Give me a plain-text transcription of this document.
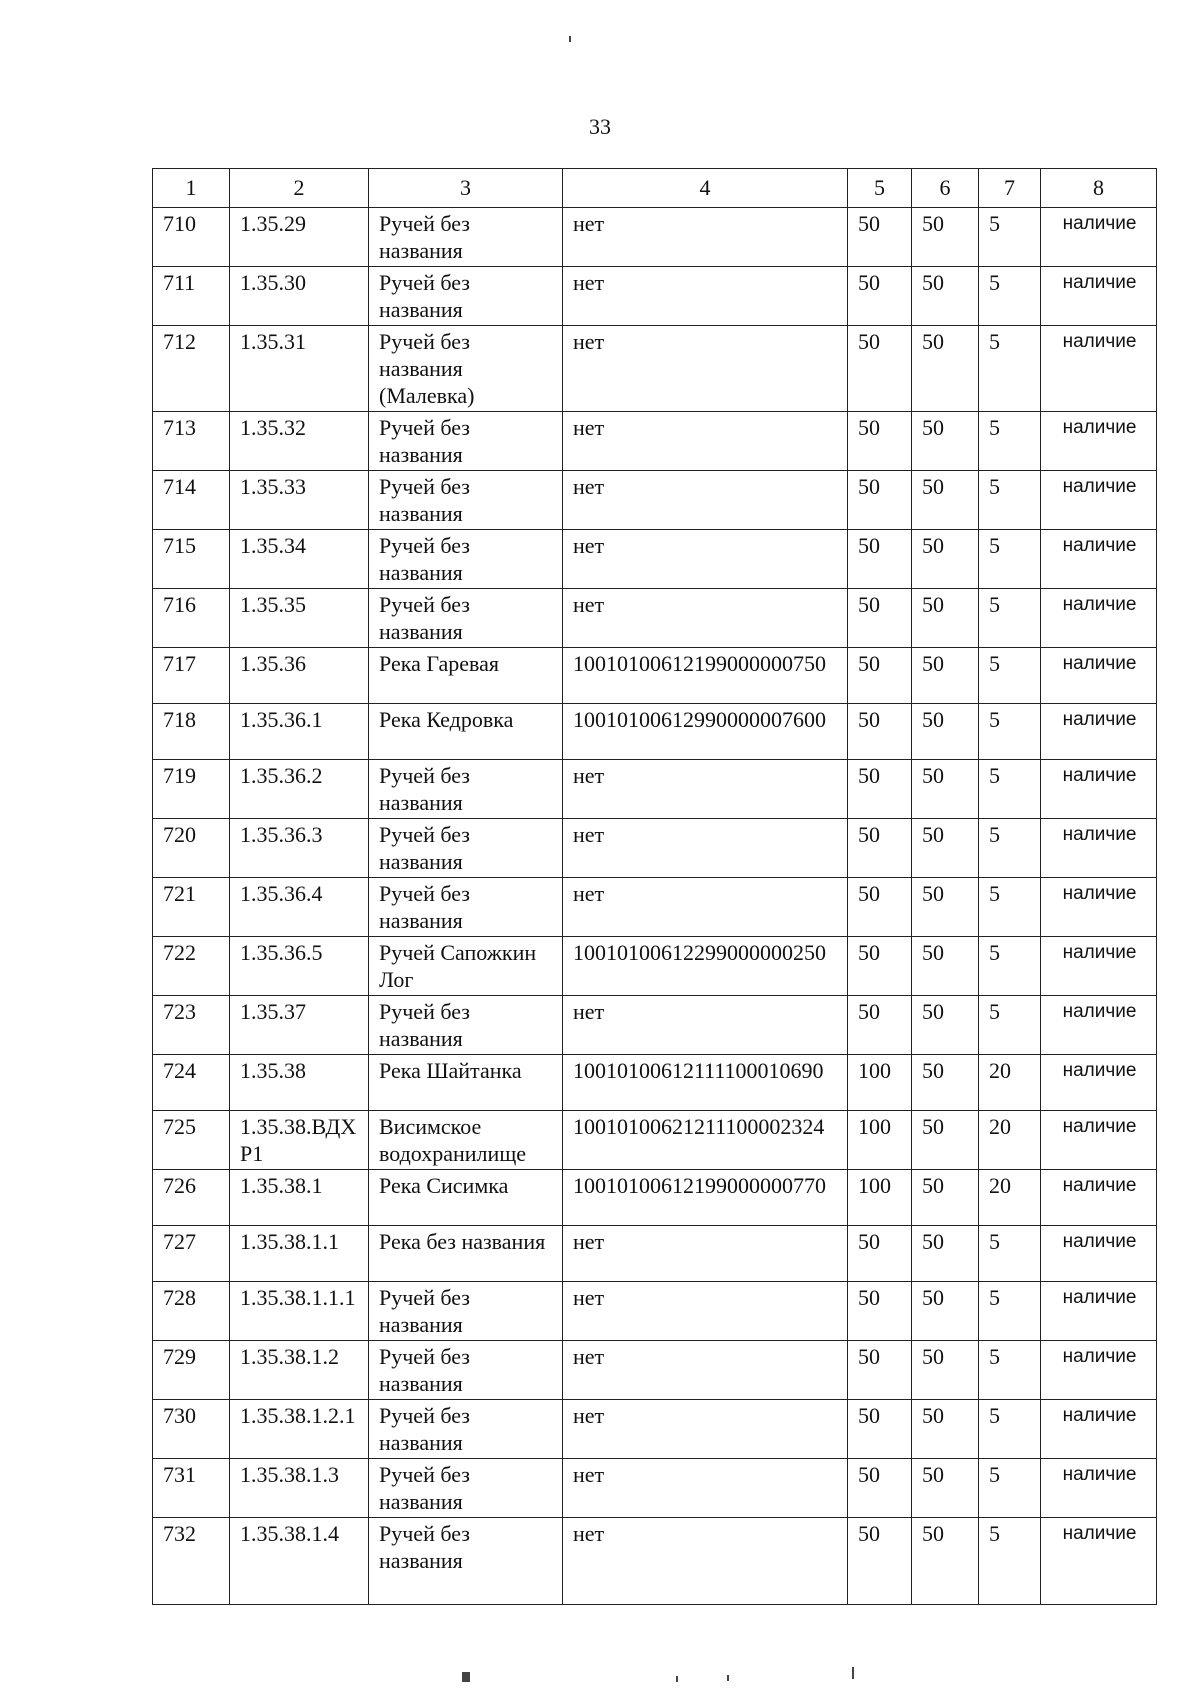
33
1	2	3	4	5	6	7	8
710	1.35.29	Ручей без названия	нет	50	50	5	наличие
711	1.35.30	Ручей без названия	нет	50	50	5	наличие
712	1.35.31	Ручей без названия (Малевка)	нет	50	50	5	наличие
713	1.35.32	Ручей без названия	нет	50	50	5	наличие
714	1.35.33	Ручей без названия	нет	50	50	5	наличие
715	1.35.34	Ручей без названия	нет	50	50	5	наличие
716	1.35.35	Ручей без названия	нет	50	50	5	наличие
717	1.35.36	Река Гаревая	10010100612199000000750	50	50	5	наличие
718	1.35.36.1	Река Кедровка	10010100612990000007600	50	50	5	наличие
719	1.35.36.2	Ручей без названия	нет	50	50	5	наличие
720	1.35.36.3	Ручей без названия	нет	50	50	5	наличие
721	1.35.36.4	Ручей без названия	нет	50	50	5	наличие
722	1.35.36.5	Ручей Сапожкин Лог	10010100612299000000250	50	50	5	наличие
723	1.35.37	Ручей без названия	нет	50	50	5	наличие
724	1.35.38	Река Шайтанка	10010100612111100010690	100	50	20	наличие
725	1.35.38.ВДХР1	Висимское водохранилище	10010100621211100002324	100	50	20	наличие
726	1.35.38.1	Река Сисимка	10010100612199000000770	100	50	20	наличие
727	1.35.38.1.1	Река без названия	нет	50	50	5	наличие
728	1.35.38.1.1.1	Ручей без названия	нет	50	50	5	наличие
729	1.35.38.1.2	Ручей без названия	нет	50	50	5	наличие
730	1.35.38.1.2.1	Ручей без названия	нет	50	50	5	наличие
731	1.35.38.1.3	Ручей без названия	нет	50	50	5	наличие
732	1.35.38.1.4	Ручей без названия	нет	50	50	5	наличие
